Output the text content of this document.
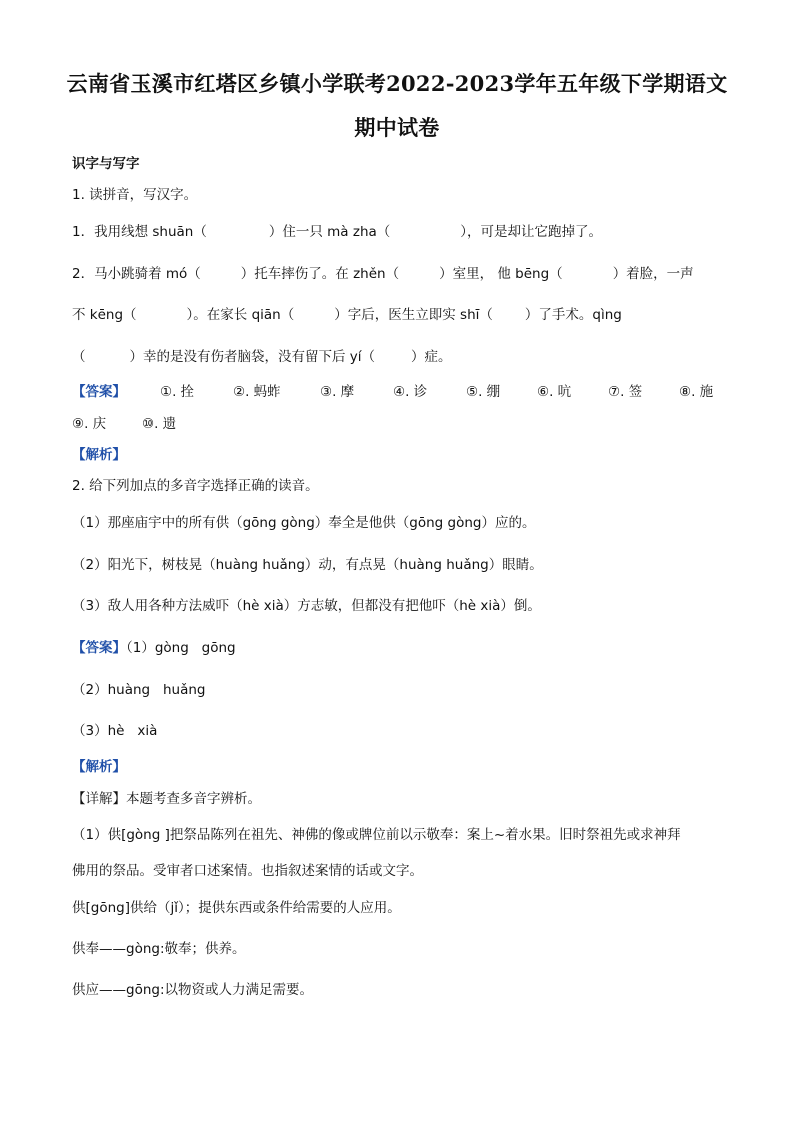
云南省玉溪市红塔区乡镇小学联考2022-2023学年五年级下学期语文
期中试卷
识字与写字
1. 读拼音，写汉字。
1．我用线想 shuān（	）住一只 mà zha（	），可是却让它跑掉了。
2．马小跳骑着 mó（	）托车摔伤了。在 zhěn（	）室里， 他 bēng（	）着脸，一声
不 kēng（	）。在家长 qiān（	）字后，医生立即实 shī（ ）了手术。qìng
（	）幸的是没有伤者脑袋，没有留下后 yí（	）症。
【答案】	①. 拴	②. 蚂蚱	③. 摩	④. 诊	⑤. 绷	⑥. 吭	⑦. 签	⑧. 施
⑨. 庆	⑩. 遗
【解析】
2. 给下列加点的多音字选择正确的读音。
（1）那座庙宇中的所有供（gōng gòng）奉全是他供（gōng gòng）应的。
（2）阳光下，树枝晃（huàng huǎng）动，有点晃（huàng huǎng）眼睛。
（3）敌人用各种方法威吓（hè xià）方志敏，但都没有把他吓（hè xià）倒。
【答案】（1）gòng   gōng
（2）huàng   huǎng
（3）hè   xià
【解析】
【详解】本题考查多音字辨析。
（1）供[gòng ]把祭品陈列在祖先、神佛的像或牌位前以示敬奉：案上~着水果。旧时祭祖先或求神拜
佛用的祭品。受审者口述案情。也指叙述案情的话或文字。
供[gōng]供给（jǐ）；提供东西或条件给需要的人应用。
供奉——gòng:敬奉；供养。
供应——gōng:以物资或人力满足需要。
